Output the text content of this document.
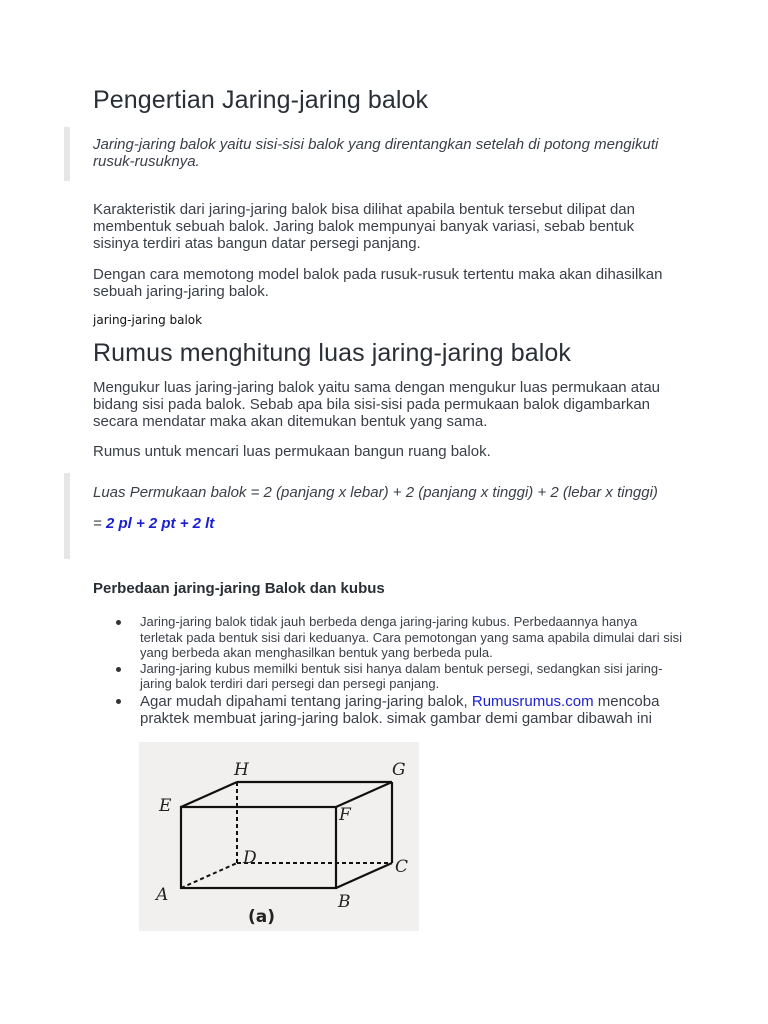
Pengertian Jaring-jaring balok

Jaring-jaring balok yaitu sisi-sisi balok yang direntangkan setelah di potong mengikuti rusuk-rusuknya.

Karakteristik dari jaring-jaring balok bisa dilihat apabila bentuk tersebut dilipat dan membentuk sebuah balok. Jaring balok mempunyai banyak variasi, sebab bentuk sisinya terdiri atas bangun datar persegi panjang.

Dengan cara memotong model balok pada rusuk-rusuk tertentu maka akan dihasilkan sebuah jaring-jaring balok.

jaring-jaring balok

Rumus menghitung luas jaring-jaring balok

Mengukur luas jaring-jaring balok yaitu sama dengan mengukur luas permukaan atau bidang sisi pada balok. Sebab apa bila sisi-sisi pada permukaan balok digambarkan secara mendatar maka akan ditemukan bentuk yang sama.

Rumus untuk mencari luas permukaan bangun ruang balok.

Luas Permukaan balok = 2 (panjang x lebar) + 2 (panjang x tinggi) + 2 (lebar x tinggi)

= 2 pl + 2 pt + 2 lt

Perbedaan jaring-jaring Balok dan kubus
Jaring-jaring balok tidak jauh berbeda denga jaring-jaring kubus. Perbedaannya hanya terletak pada bentuk sisi dari keduanya. Cara pemotongan yang sama apabila dimulai dari sisi yang berbeda akan menghasilkan bentuk yang berbeda pula.
Jaring-jaring kubus memilki bentuk sisi hanya dalam bentuk persegi, sedangkan sisi jaring-jaring balok terdiri dari persegi dan persegi panjang.
Agar mudah dipahami tentang jaring-jaring balok, Rumusrumus.com mencoba praktek membuat jaring-jaring balok. simak gambar demi gambar dibawah ini
H	G
E	F
D	C
A	B
(a)
